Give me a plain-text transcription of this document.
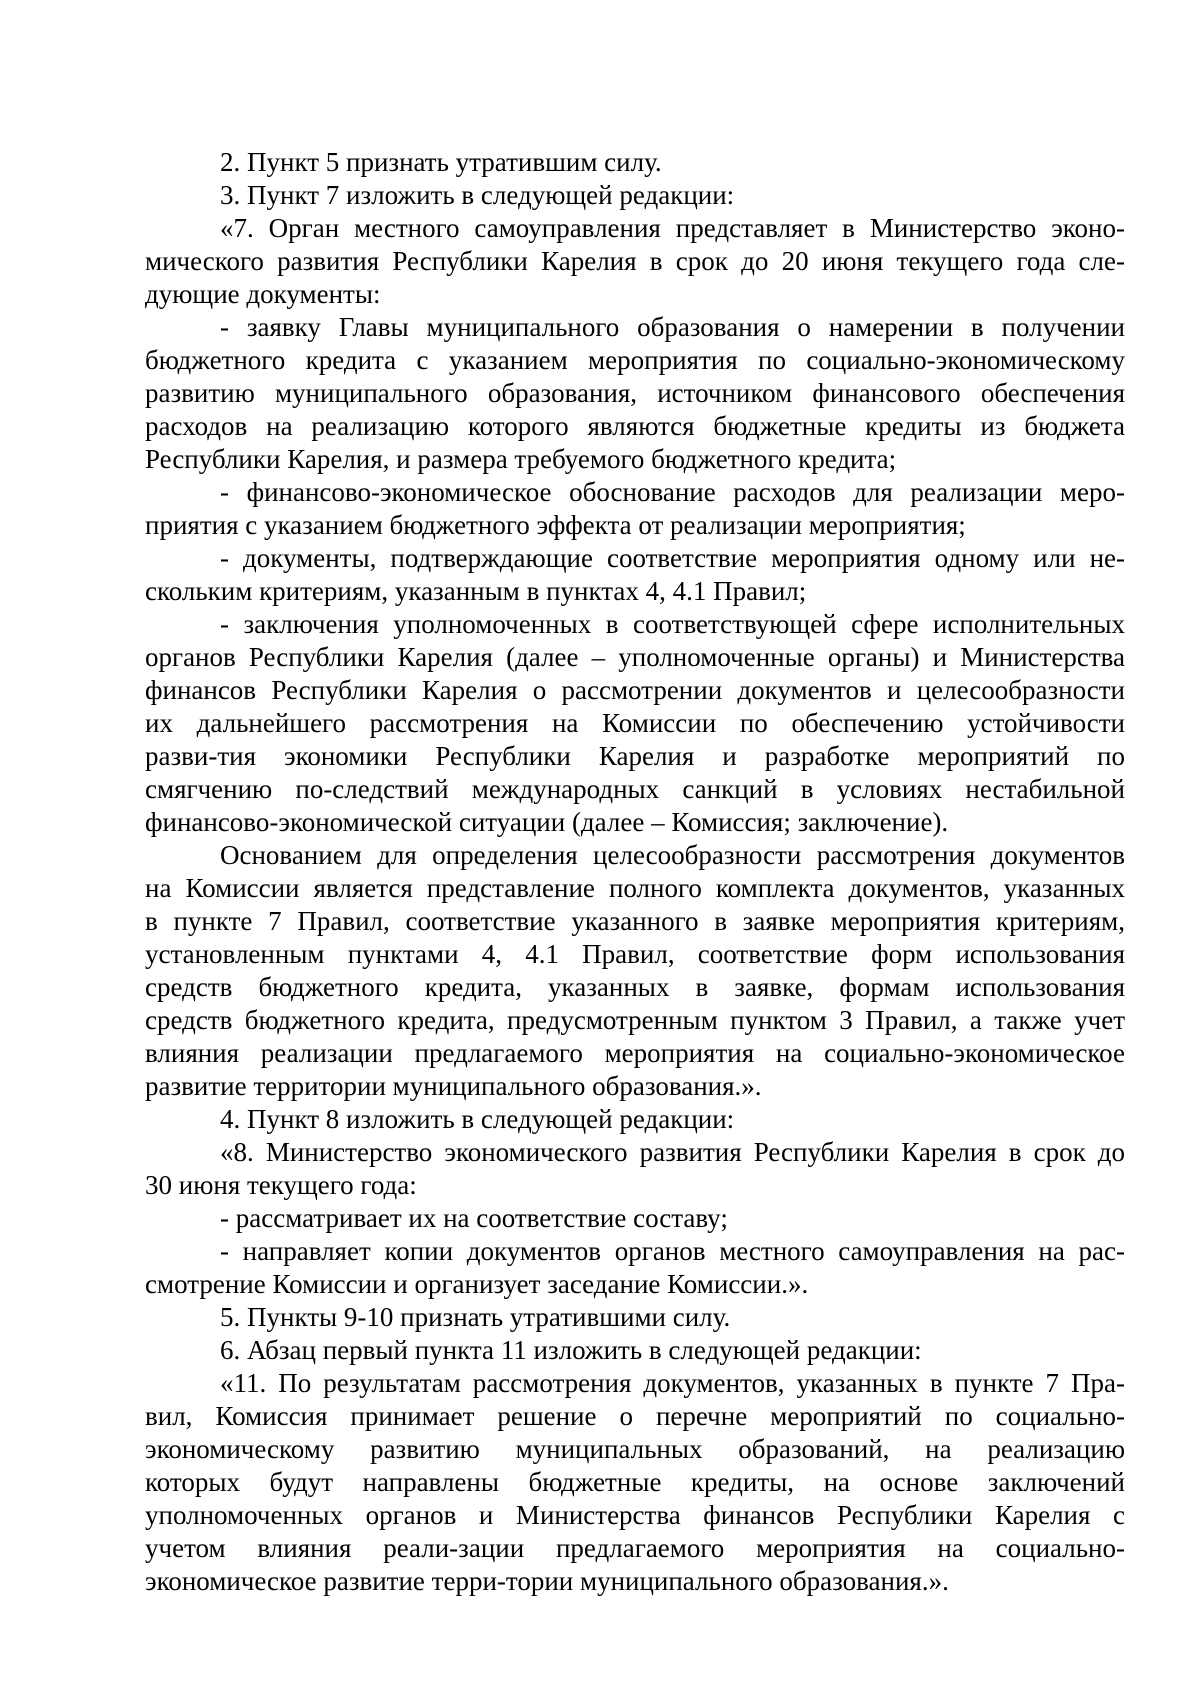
2. Пункт 5 признать утратившим силу.
3. Пункт 7 изложить в следующей редакции:
«7. Орган местного самоуправления представляет в Министерство эконо-
мического развития Республики Карелия в срок до 20 июня текущего года сле-
дующие документы:
- заявку Главы муниципального образования о намерении в получении
бюджетного кредита с указанием мероприятия по социально-экономическому
развитию муниципального образования, источником финансового обеспечения
расходов на реализацию которого являются бюджетные кредиты из бюджета
Республики Карелия, и размера требуемого бюджетного кредита;
- финансово-экономическое обоснование расходов для реализации меро-
приятия с указанием бюджетного эффекта от реализации мероприятия;
- документы, подтверждающие соответствие мероприятия одному или не-
скольким критериям, указанным в пунктах 4, 4.1 Правил;
- заключения уполномоченных в соответствующей сфере исполнительных
органов Республики Карелия (далее – уполномоченные органы) и Министерства
финансов Республики Карелия о рассмотрении документов и целесообразности
их дальнейшего рассмотрения на Комиссии по обеспечению устойчивости
разви-тия экономики Республики Карелия и разработке мероприятий по
смягчению по-следствий международных санкций в условиях нестабильной
финансово-экономической ситуации (далее – Комиссия; заключение).
Основанием для определения целесообразности рассмотрения документов
на Комиссии является представление полного комплекта документов, указанных
в пункте 7 Правил, соответствие указанного в заявке мероприятия критериям,
установленным пунктами 4, 4.1 Правил, соответствие форм использования
средств бюджетного кредита, указанных в заявке, формам использования
средств бюджетного кредита, предусмотренным пунктом 3 Правил, а также учет
влияния реализации предлагаемого мероприятия на социально-экономическое
развитие территории муниципального образования.».
4. Пункт 8 изложить в следующей редакции:
«8. Министерство экономического развития Республики Карелия в срок до
30 июня текущего года:
- рассматривает их на соответствие составу;
- направляет копии документов органов местного самоуправления на рас-
смотрение Комиссии и организует заседание Комиссии.».
5. Пункты 9-10 признать утратившими силу.
6. Абзац первый пункта 11 изложить в следующей редакции:
«11. По результатам рассмотрения документов, указанных в пункте 7 Пра-
вил, Комиссия принимает решение о перечне мероприятий по социально-
экономическому развитию муниципальных образований, на реализацию
которых будут направлены бюджетные кредиты, на основе заключений
уполномоченных органов и Министерства финансов Республики Карелия с
учетом влияния реали-зации предлагаемого мероприятия на социально-
экономическое развитие терри-тории муниципального образования.».
